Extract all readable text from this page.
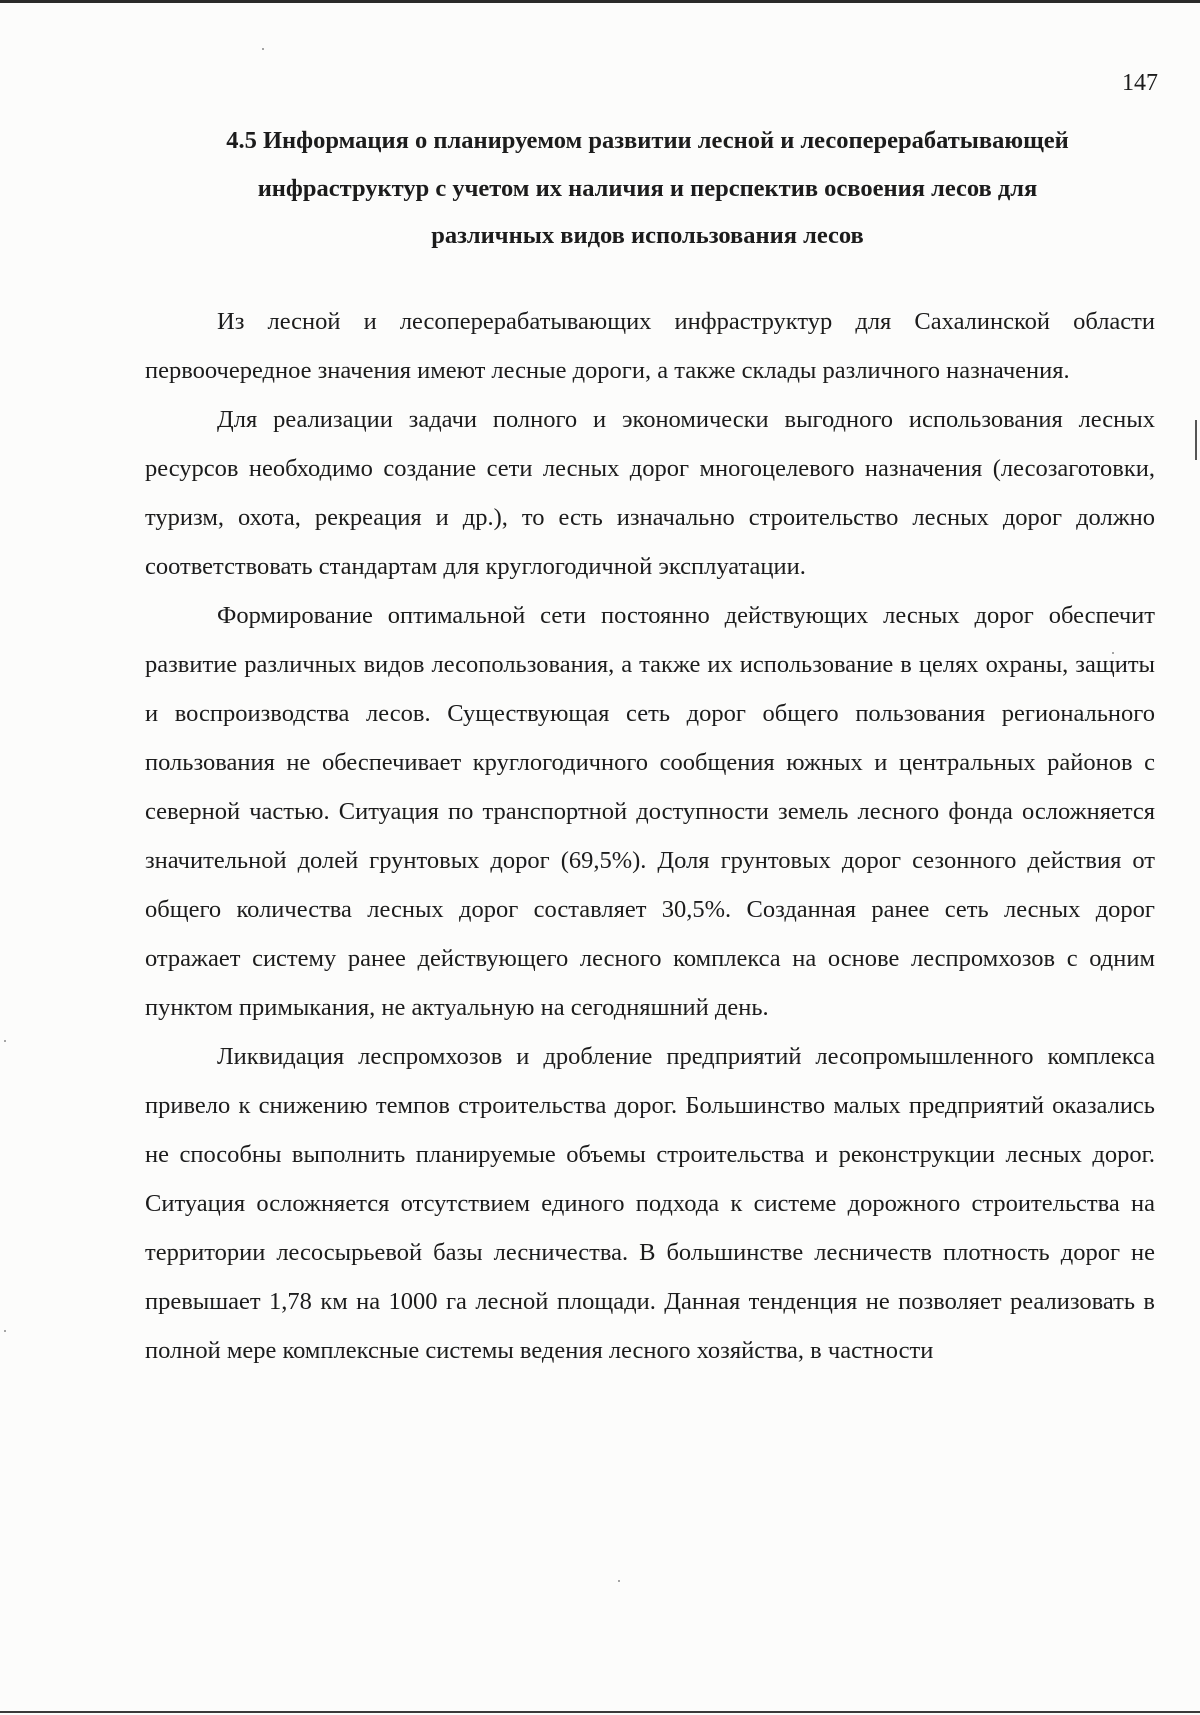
147
4.5 Информация о планируемом развитии лесной и лесоперерабатывающей
инфраструктур с учетом их наличия и перспектив освоения лесов для
различных видов использования лесов

Из лесной и лесоперерабатывающих инфраструктур для Сахалинской области первоочередное значения имеют лесные дороги, а также склады различного назначения.

Для реализации задачи полного и экономически выгодного использования лесных ресурсов необходимо создание сети лесных дорог многоцелевого назначения (лесозаготовки, туризм, охота, рекреация и др.), то есть изначально строительство лесных дорог должно соответствовать стандартам для круглогодичной эксплуатации.

Формирование оптимальной сети постоянно действующих лесных дорог обеспечит развитие различных видов лесопользования, а также их использование в целях охраны, защиты и воспроизводства лесов. Существующая сеть дорог общего пользования регионального пользования не обеспечивает круглогодичного сообщения южных и центральных районов с северной частью. Ситуация по транспортной доступности земель лесного фонда осложняется значительной долей грунтовых дорог (69,5%). Доля грунтовых дорог сезонного действия от общего количества лесных дорог составляет 30,5%. Созданная ранее сеть лесных дорог отражает систему ранее действующего лесного комплекса на основе леспромхозов с одним пунктом примыкания, не актуальную на сегодняшний день.

Ликвидация леспромхозов и дробление предприятий лесопромышленного комплекса привело к снижению темпов строительства дорог. Большинство малых предприятий оказались не способны выполнить планируемые объемы строительства и реконструкции лесных дорог. Ситуация осложняется отсутствием единого подхода к системе дорожного строительства на территории лесосырьевой базы лесничества. В большинстве лесничеств плотность дорог не превышает 1,78 км на 1000 га лесной площади. Данная тенденция не позволяет реализовать в полной мере комплексные системы ведения лесного хозяйства, в частности
